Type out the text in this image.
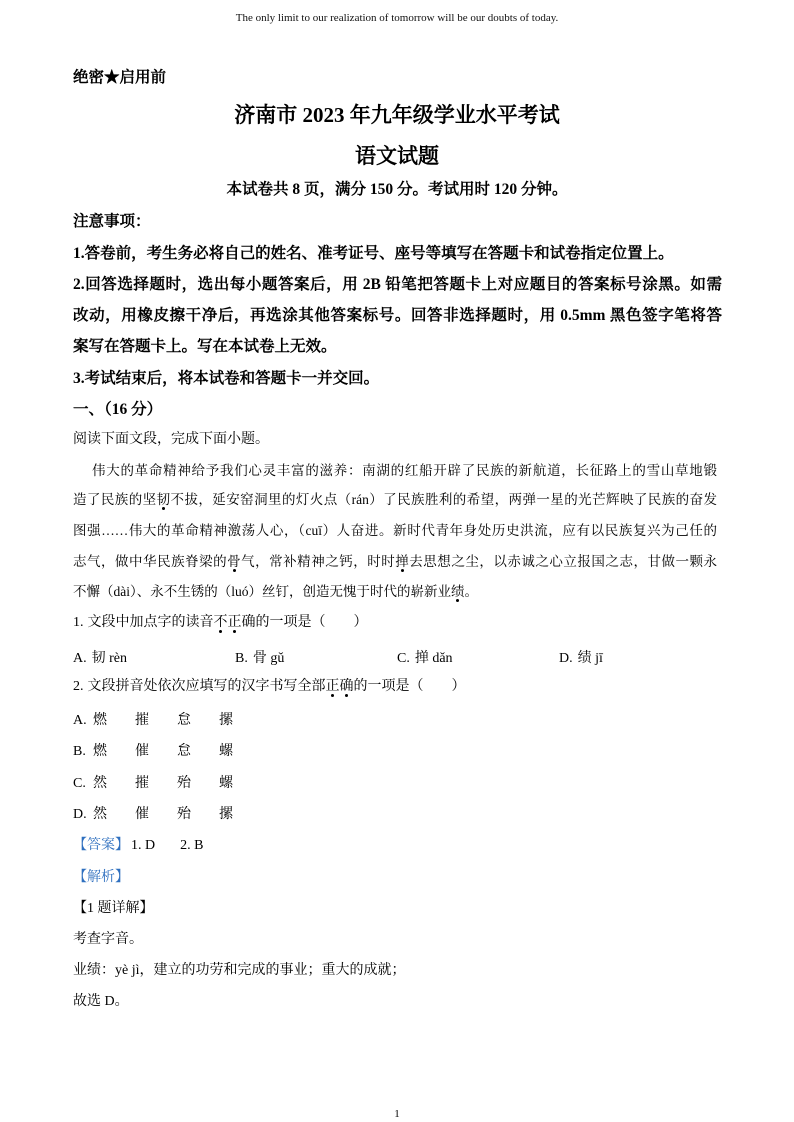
The only limit to our realization of tomorrow will be our doubts of today.
绝密★启用前
济南市 2023 年九年级学业水平考试
语文试题
本试卷共 8 页，满分 150 分。考试用时 120 分钟。
注意事项：
1.答卷前，考生务必将自己的姓名、准考证号、座号等填写在答题卡和试卷指定位置上。
2.回答选择题时，选出每小题答案后，用 2B 铅笔把答题卡上对应题目的答案标号涂黑。如需
改动，用橡皮擦干净后，再选涂其他答案标号。回答非选择题时，用 0.5mm 黑色签字笔将答
案写在答题卡上。写在本试卷上无效。
3.考试结束后，将本试卷和答题卡一并交回。
一、（16 分）
阅读下面文段，完成下面小题。
伟大的革命精神给予我们心灵丰富的滋养：南湖的红船开辟了民族的新航道，长征路上的雪山草地锻
造了民族的坚韧不拔，延安窑洞里的灯火点（rán）了民族胜利的希望，两弹一星的光芒辉映了民族的奋发
图强……伟大的革命精神激荡人心，（cuī）人奋进。新时代青年身处历史洪流，应有以民族复兴为己任的
志气，做中华民族脊梁的骨气，常补精神之钙，时时掸去思想之尘，以赤诚之心立报国之志，甘做一颗永
不懈（dài）、永不生锈的（luó）丝钉，创造无愧于时代的崭新业绩。
1. 文段中加点字的读音不正确的一项是（　　）
A. 韧 rèn	B. 骨 gǔ	C. 掸 dǎn	D. 绩 jī
2. 文段拼音处依次应填写的汉字书写全部正确的一项是（　　）
A. 燃 摧 怠 摞
B. 燃 催 怠 螺
C. 然 摧 殆 螺
D. 然 催 殆 摞
【答案】 1. D 2. B
【解析】
【1 题详解】
考查字音。
业绩：yè jì，建立的功劳和完成的事业；重大的成就；
故选 D。
1
